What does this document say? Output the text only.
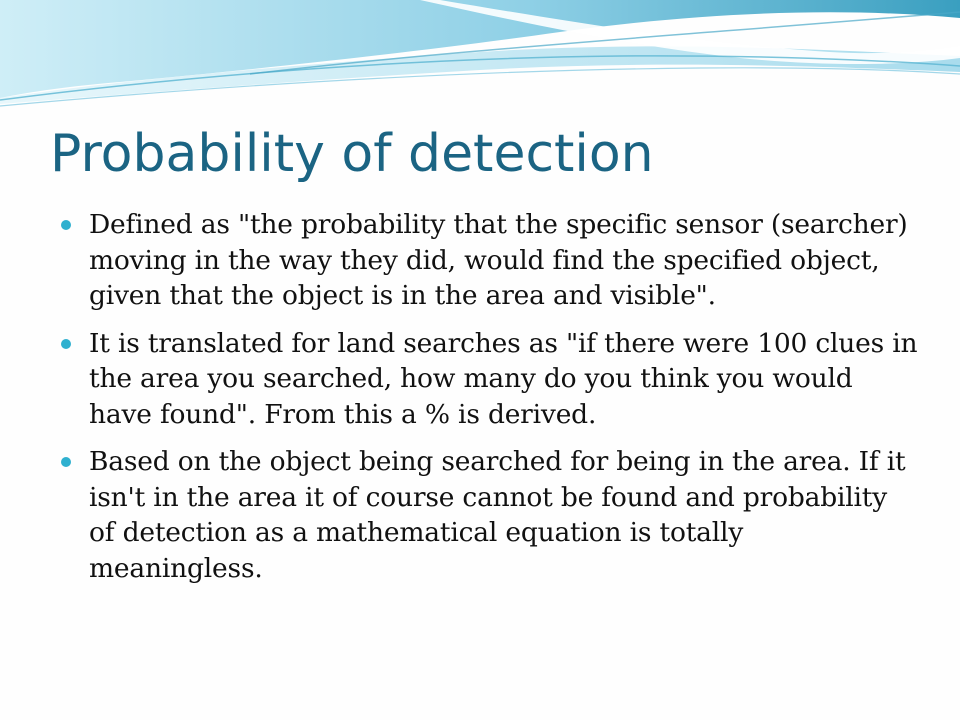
Probability of detection
Defined as "the probability that the specific sensor (searcher) moving in the way they did, would find the specified object, given that the object is in the area and visible".
It is translated for land searches as "if there were 100 clues in the area you searched, how many do you think you would have found". From this a % is derived.
Based on the object being searched for being in the area. If it isn't in the area it of course cannot be found and probability of detection as a mathematical equation is totally meaningless.
